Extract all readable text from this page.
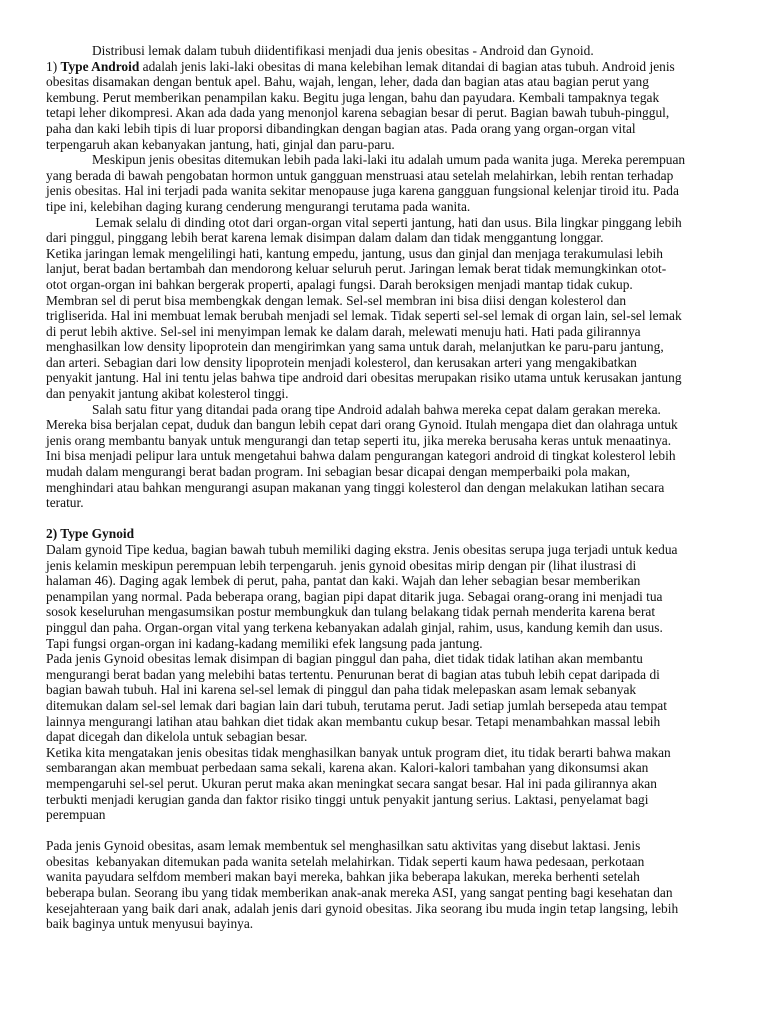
Distribusi lemak dalam tubuh diidentifikasi menjadi dua jenis obesitas - Android dan Gynoid.
1) Type Android adalah jenis laki-laki obesitas di mana kelebihan lemak ditandai di bagian atas tubuh. Android jenis
obesitas disamakan dengan bentuk apel. Bahu, wajah, lengan, leher, dada dan bagian atas atau bagian perut yang
kembung. Perut memberikan penampilan kaku. Begitu juga lengan, bahu dan payudara. Kembali tampaknya tegak
tetapi leher dikompresi. Akan ada dada yang menonjol karena sebagian besar di perut. Bagian bawah tubuh-pinggul,
paha dan kaki lebih tipis di luar proporsi dibandingkan dengan bagian atas. Pada orang yang organ-organ vital
terpengaruh akan kebanyakan jantung, hati, ginjal dan paru-paru.
Meskipun jenis obesitas ditemukan lebih pada laki-laki itu adalah umum pada wanita juga. Mereka perempuan
yang berada di bawah pengobatan hormon untuk gangguan menstruasi atau setelah melahirkan, lebih rentan terhadap
jenis obesitas. Hal ini terjadi pada wanita sekitar menopause juga karena gangguan fungsional kelenjar tiroid itu. Pada
tipe ini, kelebihan daging kurang cenderung mengurangi terutama pada wanita.
Lemak selalu di dinding otot dari organ-organ vital seperti jantung, hati dan usus. Bila lingkar pinggang lebih
dari pinggul, pinggang lebih berat karena lemak disimpan dalam dalam dan tidak menggantung longgar.
Ketika jaringan lemak mengelilingi hati, kantung empedu, jantung, usus dan ginjal dan menjaga terakumulasi lebih
lanjut, berat badan bertambah dan mendorong keluar seluruh perut. Jaringan lemak berat tidak memungkinkan otot-
otot organ-organ ini bahkan bergerak properti, apalagi fungsi. Darah beroksigen menjadi mantap tidak cukup.
Membran sel di perut bisa membengkak dengan lemak. Sel-sel membran ini bisa diisi dengan kolesterol dan
trigliserida. Hal ini membuat lemak berubah menjadi sel lemak. Tidak seperti sel-sel lemak di organ lain, sel-sel lemak
di perut lebih aktive. Sel-sel ini menyimpan lemak ke dalam darah, melewati menuju hati. Hati pada gilirannya
menghasilkan low density lipoprotein dan mengirimkan yang sama untuk darah, melanjutkan ke paru-paru jantung,
dan arteri. Sebagian dari low density lipoprotein menjadi kolesterol, dan kerusakan arteri yang mengakibatkan
penyakit jantung. Hal ini tentu jelas bahwa tipe android dari obesitas merupakan risiko utama untuk kerusakan jantung
dan penyakit jantung akibat kolesterol tinggi.
Salah satu fitur yang ditandai pada orang tipe Android adalah bahwa mereka cepat dalam gerakan mereka.
Mereka bisa berjalan cepat, duduk dan bangun lebih cepat dari orang Gynoid. Itulah mengapa diet dan olahraga untuk
jenis orang membantu banyak untuk mengurangi dan tetap seperti itu, jika mereka berusaha keras untuk menaatinya.
Ini bisa menjadi pelipur lara untuk mengetahui bahwa dalam pengurangan kategori android di tingkat kolesterol lebih
mudah dalam mengurangi berat badan program. Ini sebagian besar dicapai dengan memperbaiki pola makan,
menghindari atau bahkan mengurangi asupan makanan yang tinggi kolesterol dan dengan melakukan latihan secara
teratur.
2) Type Gynoid
Dalam gynoid Tipe kedua, bagian bawah tubuh memiliki daging ekstra. Jenis obesitas serupa juga terjadi untuk kedua
jenis kelamin meskipun perempuan lebih terpengaruh. jenis gynoid obesitas mirip dengan pir (lihat ilustrasi di
halaman 46). Daging agak lembek di perut, paha, pantat dan kaki. Wajah dan leher sebagian besar memberikan
penampilan yang normal. Pada beberapa orang, bagian pipi dapat ditarik juga. Sebagai orang-orang ini menjadi tua
sosok keseluruhan mengasumsikan postur membungkuk dan tulang belakang tidak pernah menderita karena berat
pinggul dan paha. Organ-organ vital yang terkena kebanyakan adalah ginjal, rahim, usus, kandung kemih dan usus.
Tapi fungsi organ-organ ini kadang-kadang memiliki efek langsung pada jantung.
Pada jenis Gynoid obesitas lemak disimpan di bagian pinggul dan paha, diet tidak tidak latihan akan membantu
mengurangi berat badan yang melebihi batas tertentu. Penurunan berat di bagian atas tubuh lebih cepat daripada di
bagian bawah tubuh. Hal ini karena sel-sel lemak di pinggul dan paha tidak melepaskan asam lemak sebanyak
ditemukan dalam sel-sel lemak dari bagian lain dari tubuh, terutama perut. Jadi setiap jumlah bersepeda atau tempat
lainnya mengurangi latihan atau bahkan diet tidak akan membantu cukup besar. Tetapi menambahkan massal lebih
dapat dicegah dan dikelola untuk sebagian besar.
Ketika kita mengatakan jenis obesitas tidak menghasilkan banyak untuk program diet, itu tidak berarti bahwa makan
sembarangan akan membuat perbedaan sama sekali, karena akan. Kalori-kalori tambahan yang dikonsumsi akan
mempengaruhi sel-sel perut. Ukuran perut maka akan meningkat secara sangat besar. Hal ini pada gilirannya akan
terbukti menjadi kerugian ganda dan faktor risiko tinggi untuk penyakit jantung serius. Laktasi, penyelamat bagi
perempuan
Pada jenis Gynoid obesitas, asam lemak membentuk sel menghasilkan satu aktivitas yang disebut laktasi. Jenis
obesitas  kebanyakan ditemukan pada wanita setelah melahirkan. Tidak seperti kaum hawa pedesaan, perkotaan
wanita payudara selfdom memberi makan bayi mereka, bahkan jika beberapa lakukan, mereka berhenti setelah
beberapa bulan. Seorang ibu yang tidak memberikan anak-anak mereka ASI, yang sangat penting bagi kesehatan dan
kesejahteraan yang baik dari anak, adalah jenis dari gynoid obesitas. Jika seorang ibu muda ingin tetap langsing, lebih
baik baginya untuk menyusui bayinya.
